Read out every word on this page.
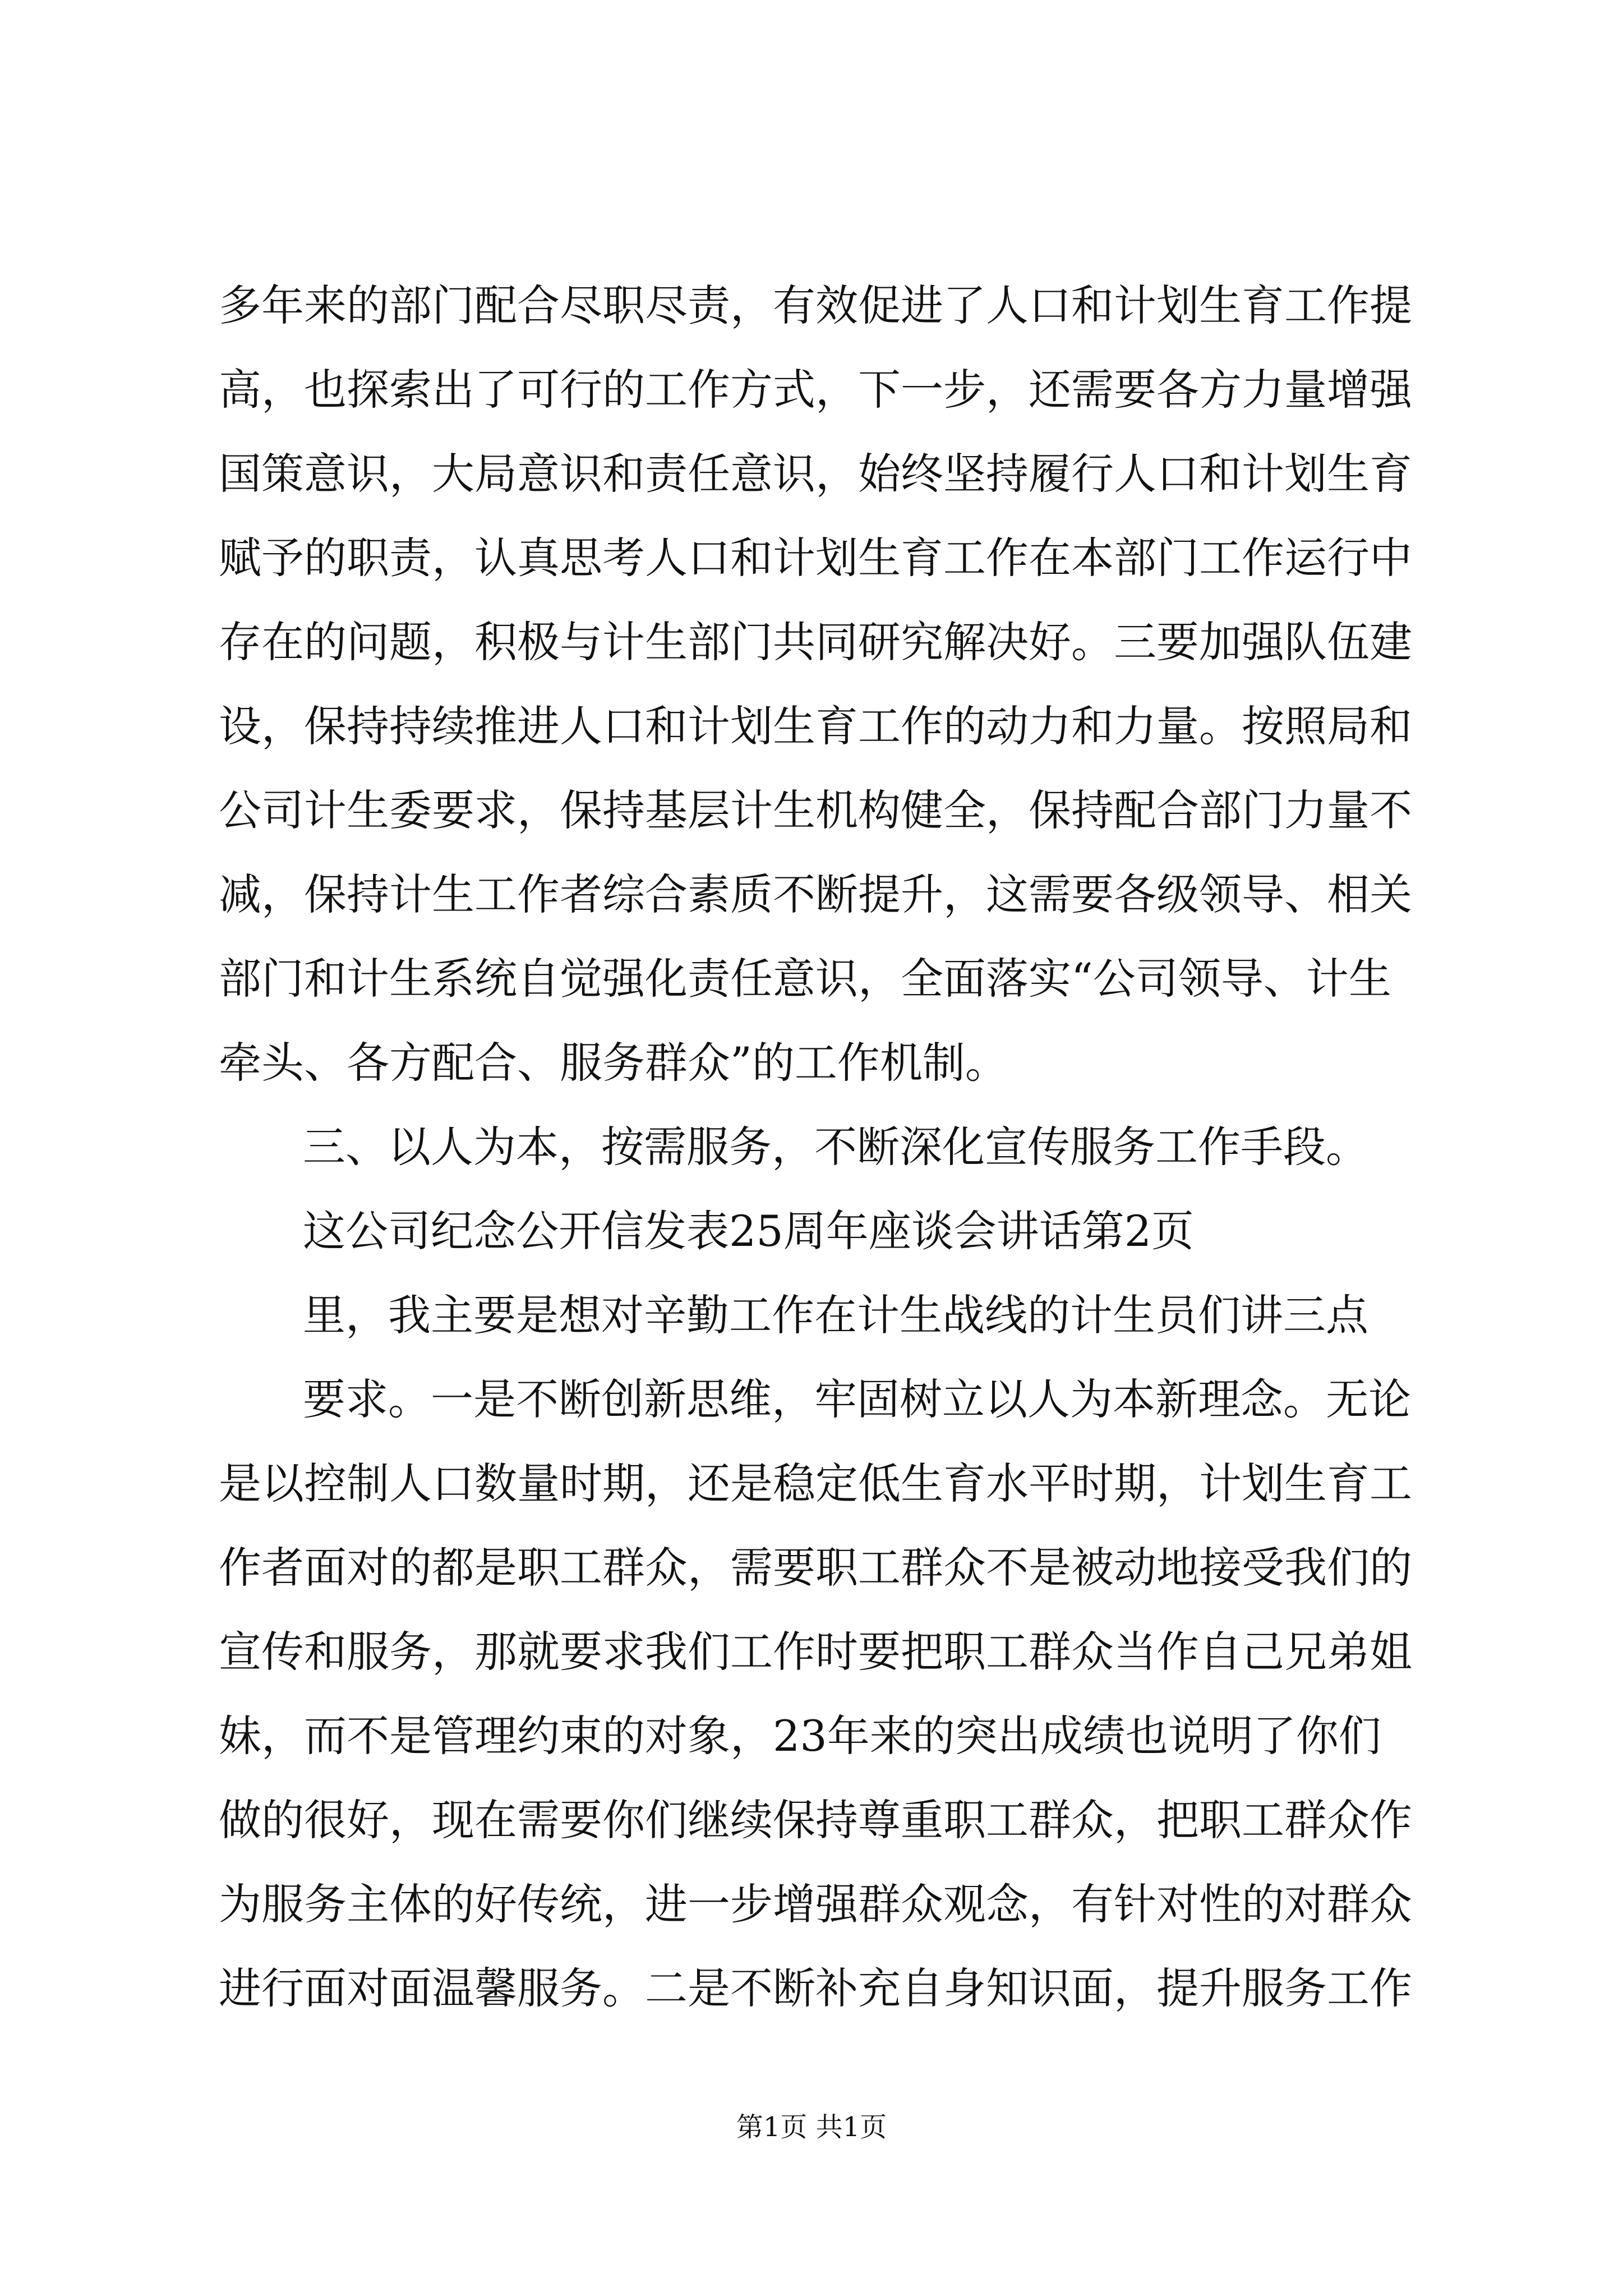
多年来的部门配合尽职尽责，有效促进了人口和计划生育工作提
高，也探索出了可行的工作方式，下一步，还需要各方力量增强
国策意识，大局意识和责任意识，始终坚持履行人口和计划生育
赋予的职责，认真思考人口和计划生育工作在本部门工作运行中
存在的问题，积极与计生部门共同研究解决好。三要加强队伍建
设，保持持续推进人口和计划生育工作的动力和力量。按照局和
公司计生委要求，保持基层计生机构健全，保持配合部门力量不
减，保持计生工作者综合素质不断提升，这需要各级领导、相关
部门和计生系统自觉强化责任意识，全面落实“公司领导、计生
牵头、各方配合、服务群众”的工作机制。
三、以人为本，按需服务，不断深化宣传服务工作手段。
这公司纪念公开信发表25周年座谈会讲话第2页
里，我主要是想对辛勤工作在计生战线的计生员们讲三点
要求。一是不断创新思维，牢固树立以人为本新理念。无论
是以控制人口数量时期，还是稳定低生育水平时期，计划生育工
作者面对的都是职工群众，需要职工群众不是被动地接受我们的
宣传和服务，那就要求我们工作时要把职工群众当作自己兄弟姐
妹，而不是管理约束的对象，23年来的突出成绩也说明了你们
做的很好，现在需要你们继续保持尊重职工群众，把职工群众作
为服务主体的好传统，进一步增强群众观念，有针对性的对群众
进行面对面温馨服务。二是不断补充自身知识面，提升服务工作
第1页 共1页
